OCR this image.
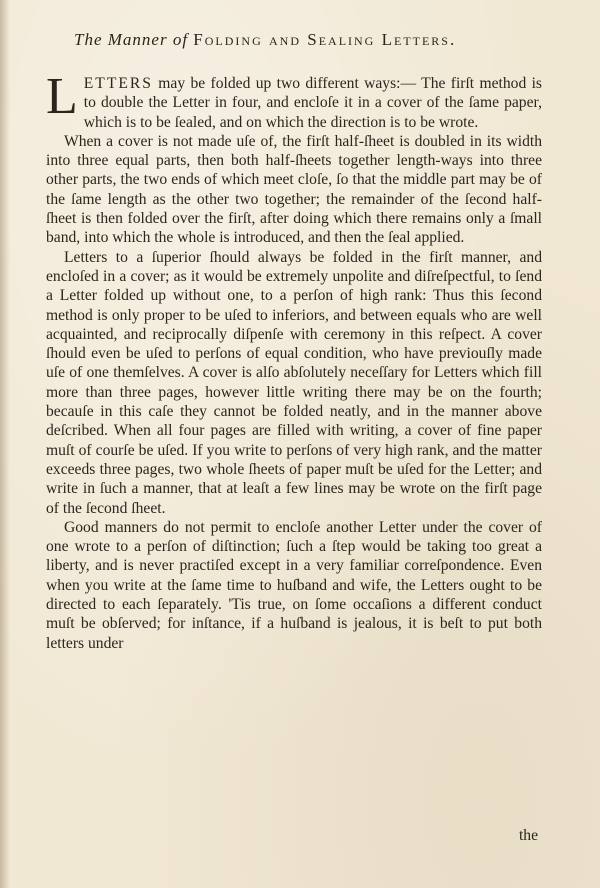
The Manner of Folding and Sealing Letters.

LETTERS may be folded up two different ways:— The firſt method is to double the Letter in four, and encloſe it in a cover of the ſame paper, which is to be ſealed, and on which the direction is to be wrote.

When a cover is not made uſe of, the firſt half-ſheet is doubled in its width into three equal parts, then both half-ſheets together length-ways into three other parts, the two ends of which meet cloſe, ſo that the middle part may be of the ſame length as the other two together; the remainder of the ſecond half-ſheet is then folded over the firſt, after doing which there remains only a ſmall band, into which the whole is introduced, and then the ſeal applied.

Letters to a ſuperior ſhould always be folded in the firſt manner, and encloſed in a cover; as it would be extremely unpolite and diſreſpectful, to ſend a Letter folded up without one, to a perſon of high rank: Thus this ſecond method is only proper to be uſed to inferiors, and between equals who are well acquainted, and reciprocally diſpenſe with ceremony in this reſpect. A cover ſhould even be uſed to perſons of equal condition, who have previouſly made uſe of one themſelves. A cover is alſo abſolutely neceſſary for Letters which fill more than three pages, however little writing there may be on the fourth; becauſe in this caſe they cannot be folded neatly, and in the manner above deſcribed. When all four pages are filled with writing, a cover of fine paper muſt of courſe be uſed. If you write to perſons of very high rank, and the matter exceeds three pages, two whole ſheets of paper muſt be uſed for the Letter; and write in ſuch a manner, that at leaſt a few lines may be wrote on the firſt page of the ſecond ſheet.

Good manners do not permit to encloſe another Letter under the cover of one wrote to a perſon of diſtinction; ſuch a ſtep would be taking too great a liberty, and is never practiſed except in a very familiar correſpondence. Even when you write at the ſame time to huſband and wife, the Letters ought to be directed to each ſeparately. 'Tis true, on ſome occaſions a different conduct muſt be obſerved; for inſtance, if a huſband is jealous, it is beſt to put both letters under

the
